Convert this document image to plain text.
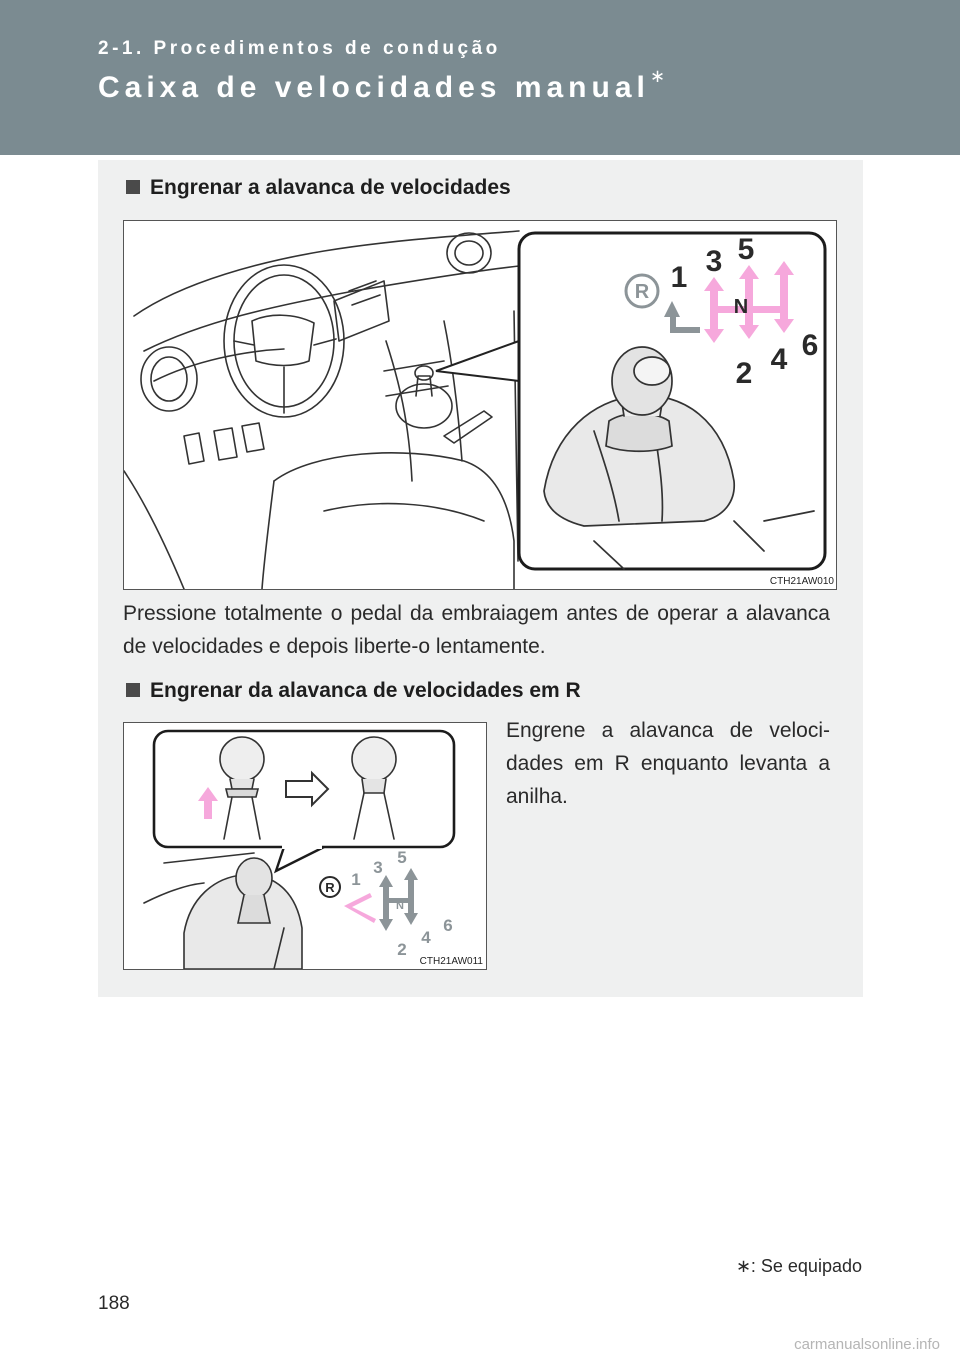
2-1. Procedimentos de condução
Caixa de velocidades manual∗
Engrenar a alavanca de velocidades
R 1 3 5
N
2 4 6
CTH21AW010
Pressione totalmente o pedal da embraiagem antes de operar a alavanca de velocidades e depois liberte-o lentamente.
Engrenar da alavanca de velocidades em R
R 1
3
5
N
2
4
6
CTH21AW011
Engrene a alavanca de veloci-dades em R enquanto levanta a anilha.
∗: Se equipado
188
carmanualsonline.info
